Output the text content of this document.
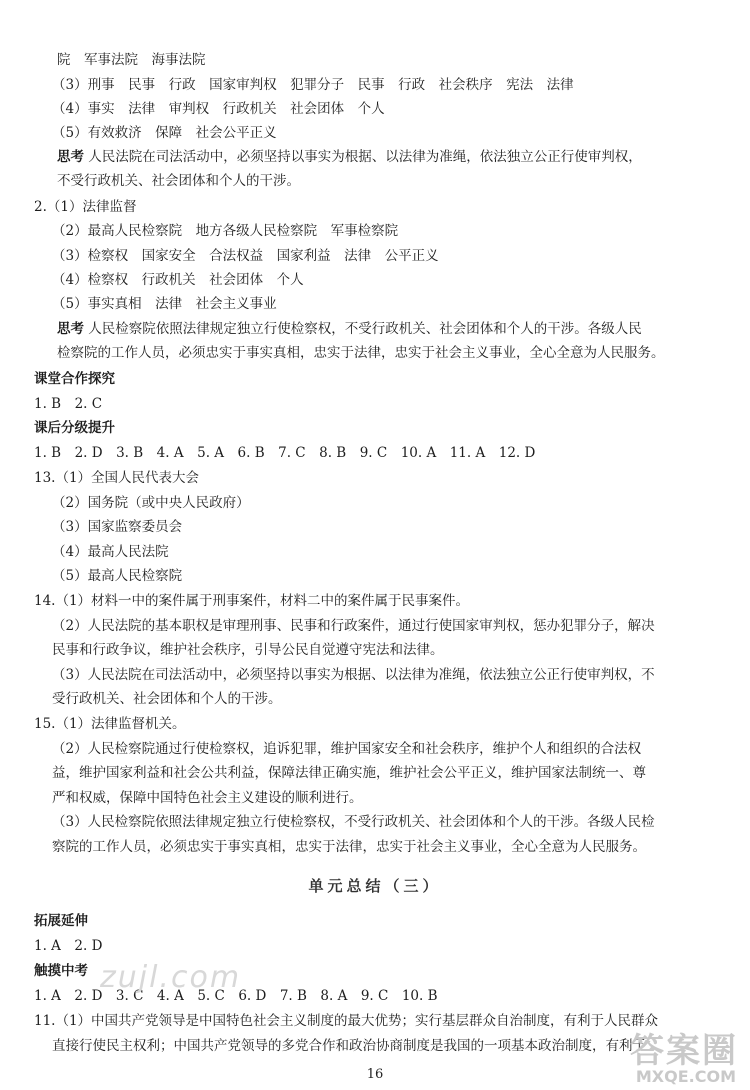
院　军事法院　海事法院
（3）刑事　民事　行政　国家审判权　犯罪分子　民事　行政　社会秩序　宪法　法律
（4）事实　法律　审判权　行政机关　社会团体　个人
（5）有效救济　保障　社会公平正义
思考 人民法院在司法活动中，必须坚持以事实为根据、以法律为准绳，依法独立公正行使审判权，
不受行政机关、社会团体和个人的干涉。
2.（1）法律监督
（2）最高人民检察院　地方各级人民检察院　军事检察院
（3）检察权　国家安全　合法权益　国家利益　法律　公平正义
（4）检察权　行政机关　社会团体　个人
（5）事实真相　法律　社会主义事业
思考 人民检察院依照法律规定独立行使检察权，不受行政机关、社会团体和个人的干涉。各级人民
检察院的工作人员，必须忠实于事实真相，忠实于法律，忠实于社会主义事业，全心全意为人民服务。
课堂合作探究
1. B　2. C
课后分级提升
1. B　2. D　3. B　4. A　5. A　6. B　7. C　8. B　9. C　10. A　11. A　12. D
13.（1）全国人民代表大会
（2）国务院（或中央人民政府）
（3）国家监察委员会
（4）最高人民法院
（5）最高人民检察院
14.（1）材料一中的案件属于刑事案件，材料二中的案件属于民事案件。
（2）人民法院的基本职权是审理刑事、民事和行政案件，通过行使国家审判权，惩办犯罪分子，解决
民事和行政争议，维护社会秩序，引导公民自觉遵守宪法和法律。
（3）人民法院在司法活动中，必须坚持以事实为根据、以法律为准绳，依法独立公正行使审判权，不
受行政机关、社会团体和个人的干涉。
15.（1）法律监督机关。
（2）人民检察院通过行使检察权，追诉犯罪，维护国家安全和社会秩序，维护个人和组织的合法权
益，维护国家利益和社会公共利益，保障法律正确实施，维护社会公平正义，维护国家法制统一、尊
严和权威，保障中国特色社会主义建设的顺利进行。
（3）人民检察院依照法律规定独立行使检察权，不受行政机关、社会团体和个人的干涉。各级人民检
察院的工作人员，必须忠实于事实真相，忠实于法律，忠实于社会主义事业，全心全意为人民服务。
单元总结（三）
拓展延伸
1. A　2. D
触摸中考
1. A　2. D　3. C　4. A　5. C　6. D　7. B　8. A　9. C　10. B
11.（1）中国共产党领导是中国特色社会主义制度的最大优势；实行基层群众自治制度，有利于人民群众
直接行使民主权利；中国共产党领导的多党合作和政治协商制度是我国的一项基本政治制度，有利于
16
zujl.com
答案圈
MXQE.COM
